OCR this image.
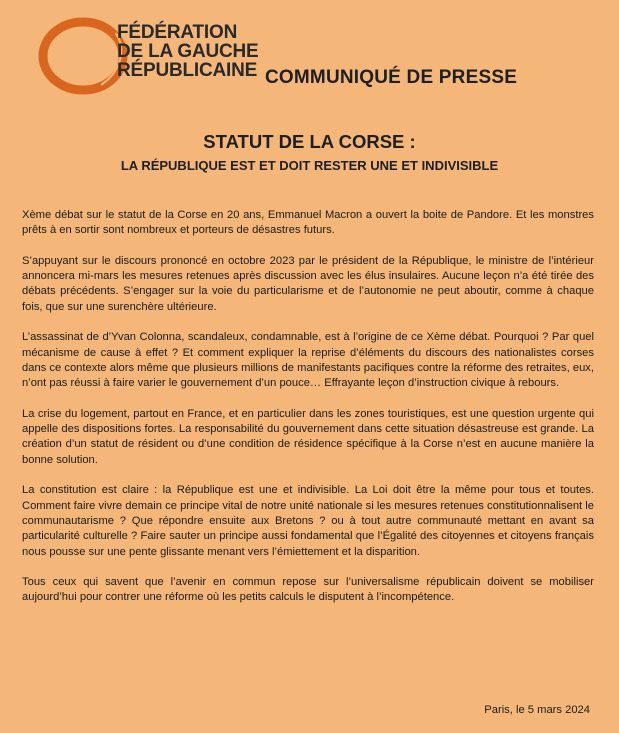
FÉDÉRATION
DE LA GAUCHE
RÉPUBLICAINE COMMUNIQUÉ DE PRESSE
STATUT DE LA CORSE :
LA RÉPUBLIQUE EST ET DOIT RESTER UNE ET INDIVISIBLE

Xème débat sur le statut de la Corse en 20 ans, Emmanuel Macron a ouvert la boite de Pandore. Et les monstres prêts à en sortir sont nombreux et porteurs de désastres futurs.

S’appuyant sur le discours prononcé en octobre 2023 par le président de la République, le ministre de l’intérieur annoncera mi-mars les mesures retenues après discussion avec les élus insulaires. Aucune leçon n’a été tirée des débats précédents. S’engager sur la voie du particularisme et de l’autonomie ne peut aboutir, comme à chaque fois, que sur une surenchère ultérieure.

L’assassinat de d’Yvan Colonna, scandaleux, condamnable, est à l’origine de ce Xème débat. Pourquoi ? Par quel mécanisme de cause à effet ? Et comment expliquer la reprise d’éléments du discours des nationalistes corses dans ce contexte alors même que plusieurs millions de manifestants pacifiques contre la réforme des retraites, eux, n’ont pas réussi à faire varier le gouvernement d’un pouce… Effrayante leçon d’instruction civique à rebours.

La crise du logement, partout en France, et en particulier dans les zones touristiques, est une question urgente qui appelle des dispositions fortes. La responsabilité du gouvernement dans cette situation désastreuse est grande. La création d’un statut de résident ou d’une condition de résidence spécifique à la Corse n’est en aucune manière la bonne solution.

La constitution est claire : la République est une et indivisible. La Loi doit être la même pour tous et toutes. Comment faire vivre demain ce principe vital de notre unité nationale si les mesures retenues constitutionnalisent le communautarisme ? Que répondre ensuite aux Bretons ? ou à tout autre communauté mettant en avant sa particularité culturelle ? Faire sauter un principe aussi fondamental que l’Égalité des citoyennes et citoyens français nous pousse sur une pente glissante menant vers l’émiettement et la disparition.

Tous ceux qui savent que l’avenir en commun repose sur l’universalisme républicain doivent se mobiliser aujourd’hui pour contrer une réforme où les petits calculs le disputent à l’incompétence.

Paris, le 5 mars 2024
